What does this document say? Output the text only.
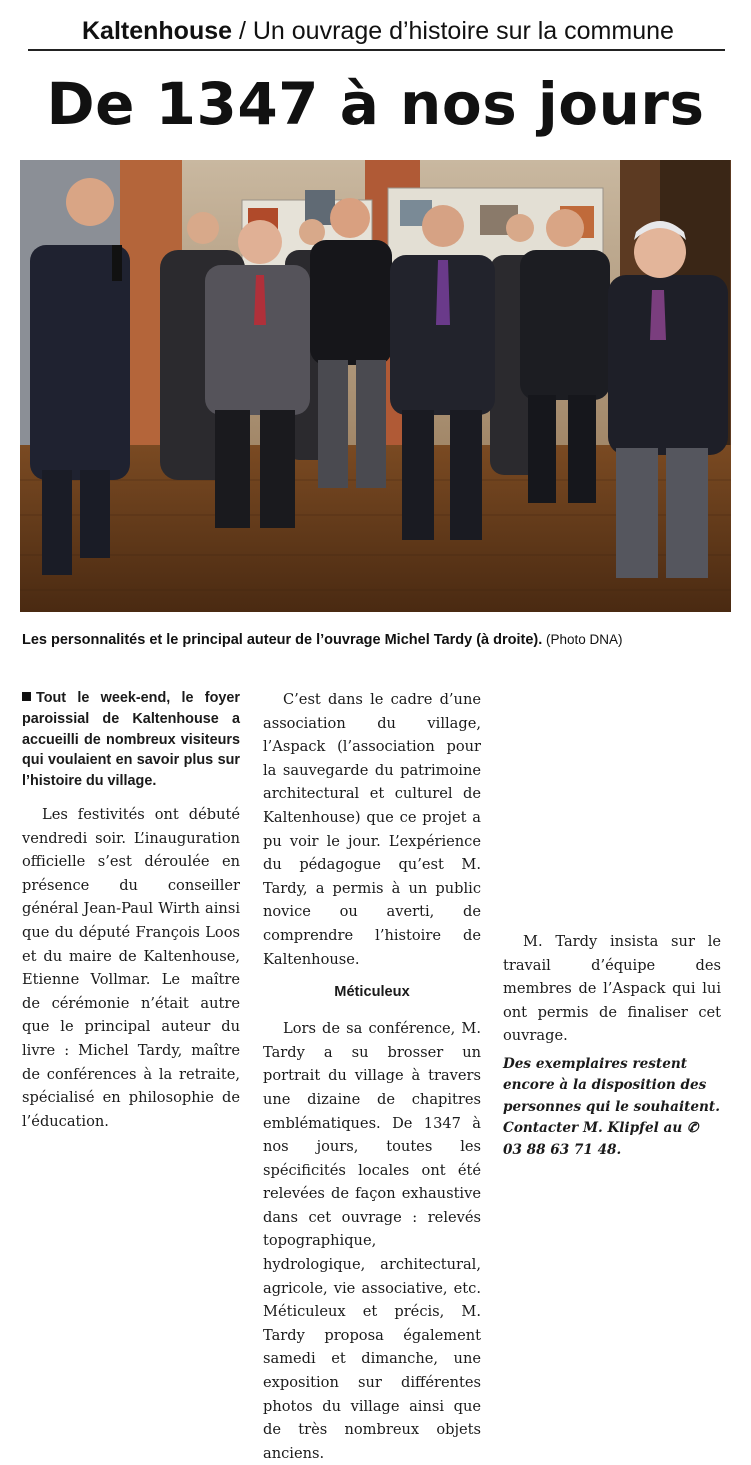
Kaltenhouse / Un ouvrage d’histoire sur la commune
De 1347 à nos jours
Les personnalités et le principal auteur de l’ouvrage Michel Tardy (à droite). (Photo DNA)
Tout le week-end, le foyer paroissial de Kaltenhouse a accueilli de nombreux visiteurs qui voulaient en savoir plus sur l’histoire du village.

Les festivités ont débuté vendredi soir. L’inauguration officielle s’est déroulée en présence du conseiller général Jean-Paul Wirth ainsi que du député François Loos et du maire de Kaltenhouse, Etienne Vollmar. Le maître de cérémonie n’était autre que le principal auteur du livre : Michel Tardy, maître de conférences à la retraite, spécialisé en philosophie de l’éducation.

C’est dans le cadre d’une association du village, l’Aspack (l’association pour la sauvegarde du patrimoine architectural et culturel de Kaltenhouse) que ce projet a pu voir le jour. L’expérience du pédagogue qu’est M. Tardy, a permis à un public novice ou averti, de comprendre l’histoire de Kaltenhouse.

Méticuleux

Lors de sa conférence, M. Tardy a su brosser un portrait du village à travers une dizaine de chapitres emblématiques. De 1347 à nos jours, toutes les spécificités locales ont été relevées de façon exhaustive dans cet ouvrage : relevés topographique, hydrologique, architectural, agricole, vie associative, etc. Méticuleux et précis, M. Tardy proposa également samedi et dimanche, une exposition sur différentes photos du village ainsi que de très nombreux objets anciens.

M. Tardy insista sur le travail d’équipe des membres de l’Aspack qui lui ont permis de finaliser cet ouvrage.

Des exemplaires restent encore à la disposition des personnes qui le souhaitent. Contacter M. Klipfel au ✆ 03 88 63 71 48.
